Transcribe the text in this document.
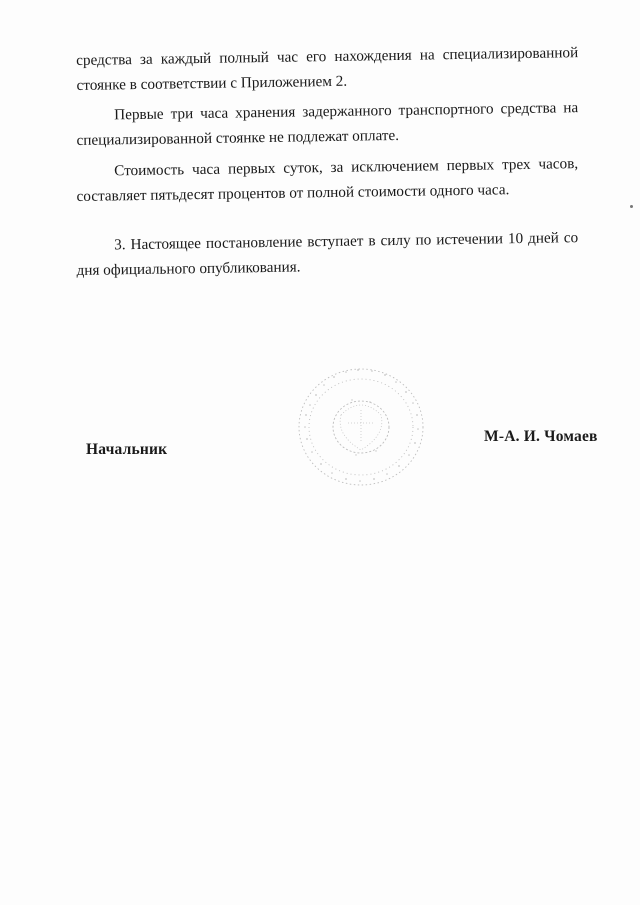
средства за каждый полный час его нахождения на специализированной
стоянке в соответствии с Приложением 2.
Первые три часа хранения задержанного транспортного средства на
специализированной стоянке не подлежат оплате.
Стоимость часа первых суток, за исключением первых трех часов,
составляет пятьдесят процентов от полной стоимости одного часа.
3. Настоящее постановление вступает в силу по истечении 10 дней со
дня официального опубликования.
Начальник
М-А. И. Чомаев
